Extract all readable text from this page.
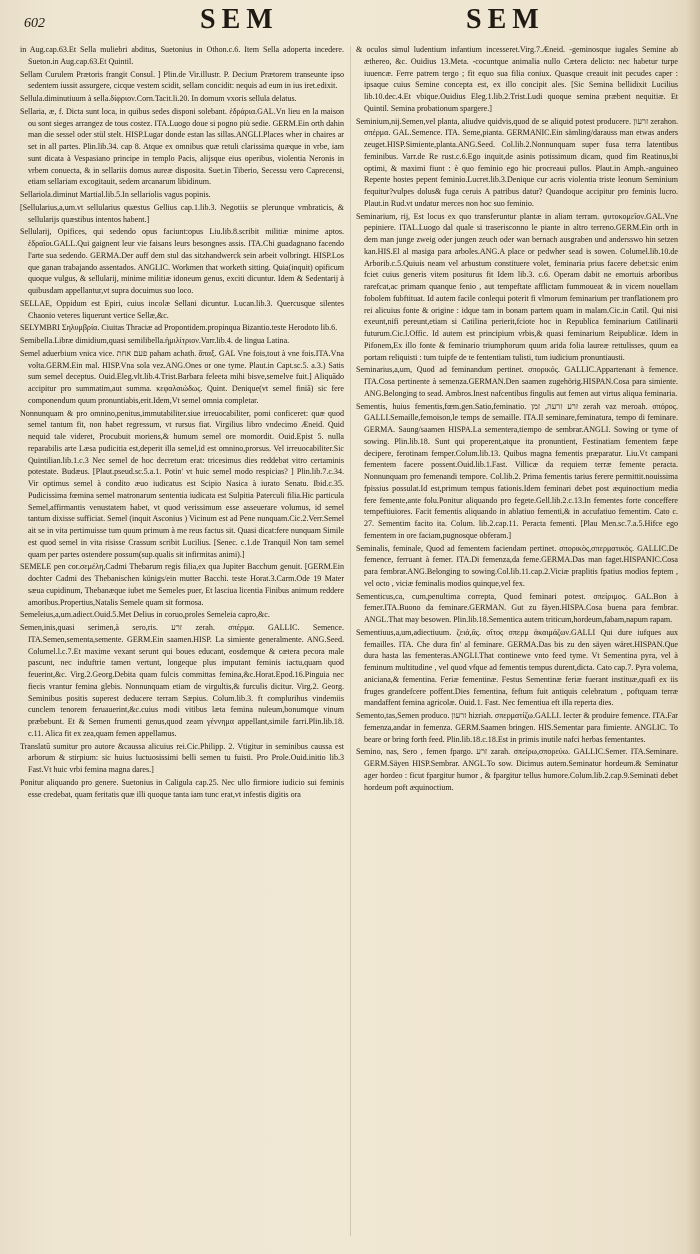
602	SEM	SEM

in Aug.cap.63.Et Sella muliebri abditus, Suetonius in Othon.c.6. Item Sella adoperta incedere. Sueton.in Aug.cap.63.Et Quintil.

Sellam Curulem Prætoris frangit Consul. ] Plin.de Vir.illustr. P. Decium Prætorem transeunte ipso sedentem iussit assurgere, cicque vestem scidit, sellam concidit: nequis ad eum in ius iret.edixit.

Sellula.diminutiuum à sella.δίφριον.Corn.Tacit.li.20. In domum vxoris sellula delatus.

Sellaria, æ, f. Dicta sunt loca, in quibus sedes disponi solebant. ἑδράρια.GAL.Vn lieu en la maison ou sont sieges arrangez de tous costez. ITA.Luogo doue si pogno più sedie. GERM.Ein orth dahin man die sessel oder stül stelt. HISP.Lugar donde estan las sillas.ANGLI.Places wher in chaires ar set in all partes. Plin.lib.34. cap 8. Atque ex omnibus quæ retuli clarissima quæque in vrbe, iam sunt dicata à Vespasiano principe in templo Pacis, alijsque eius operibus, violentia Neronis in vrbem conuecta, & in sellariis domus aureæ disposita. Suet.in Tiberio, Secessu vero Caprecensi, etiam sellariam excogitauit, sedem arcanarum libidinum.

Sellariola.diminut Martial.lib.5.In sellariolis vagus popinis.

[Sellularius,a,um.vt sellularius quæstus Gellius cap.1.lib.3. Negotiis se plerunque vmbraticis, & sellularijs quæstibus intentos habent.]

Sellularij, Opifices, qui sedendo opus faciunt:opus Liu.lib.8.scribit militiæ minime aptos. ἑδραῖοι.GALL.Qui gaignent leur vie faisans leurs besongnes assis. ITA.Chi guadagnano facendo l'arte sua sedendo. GERMA.Der auff dem stul das sitzhandwerck sein arbeit volbringt. HISP.Los que ganan trabajando assentados. ANGLIC. Workmen that worketh sitting. Quia(inquit) opificum quoque vulgus, & sellularij, minime militiæ idoneum genus, exciti dicuntur. Idem & Sedentarij à quibusdam appellantur,vt supra docuimus suo loco.

SELLAE, Oppidum est Epiri, cuius incolæ Sellani dicuntur. Lucan.lib.3. Quercusque silentes Chaonio veteres liquerunt vertice Sellæ,&c.

SELYMBRI Σηλυμβρία. Ciuitas Thraciæ ad Propontidem.propinqua Bizantio.teste Herodoto lib.6.

Semibella.Libræ dimidium,quasi semilibella.ἡμιλίτριον.Varr.lib.4. de lingua Latina.

Semel aduerbium vnica vice. פעם אחת paham achath. ἅπαξ. GAL Vne fois,tout à vne fois.ITA.Vna volta.GERM.Ein mal. HISP.Vna sola vez.ANG.Ones or one tyme. Plaut.in Capt.sc.5. a.3.) Satis sum semel deceptus. Ouid.Eleg.vlt.lib.4.Trist.Barbara feleeta mihi bisve,semelve fuit.] Aliquādo accipitur pro summatim,aut summa. κεφαλαιώδως. Quint. Denique(vt semel finiā) sic fere componendum quum pronuntiabis,erit.Idem,Vt semel omnia completar.

Nonnunquam & pro omnino,penitus,immutabiliter.siue irreuocabiliter, pomi conficeret: quæ quod semel tantum fit, non habet regressum, vt rursus fiat. Virgilius libro vndecimo Æneid. Quid nequid tale videret, Procubuit moriens,& humum semel ore momordit. Ouid.Epist 5. nulla reparabilis arte Læsa pudicitia est,deperit illa semel,id est omnino,prorsus. Vel irreuocabiliter.Sic Quintilian.lib.1.c.3 Nec semel de hoc decretum erat: tricesimus dies reddebat vitro certaminis potestate. Budæus. [Plaut.pseud.sc.5.a.1. Potin' vt huic semel modo respicias? ] Plin.lib.7.c.34. Vir optimus semel à condito æuo iudicatus est Scipio Nasica à iurato Senatu. Ibid.c.35. Pudicissima fœmina semel matronarum sententia iudicata est Sulpitia Paterculi filia.Hic particula Semel,affirmantis venustatem habet, vt quod verissimum esse asseuerare volumus, id semel tantum dixisse sufficiat. Semel (inquit Asconius ) Vicinum est ad Pene nunquam.Cic.2.Verr.Semel ait se in vita pertimuisse tum quum primum à me reus factus sit. Quasi dicat:fere nunquam Simile est quod semel in vita risisse Crassum scribit Lucilius. [Senec. c.1.de Tranquil Non tam semel quam per partes ostendere possum(sup.qualis sit infirmitas animi).]

SEMELE pen cor.σεμέλη,Cadmi Thebarum regis filia,ex qua Jupiter Bacchum genuit. [GERM.Ein dochter Cadmi des Thebanischen künigs/ein mutter Bacchi. teste Horat.3.Carm.Ode 19 Mater sæua cupidinum, Thebanæque iubet me Semeles puer, Et lasciua licentia Finibus animum reddere amoribus.Propertius,Natalis Semele quam sit formosa.

Semeleius,a,um.adiect.Ouid.5.Met Delius in coruo,proles Semeleia capro,&c.

Semen,inis,quasi serimen,à sero,ris. זרע zerah. σπέρμα. GALLIC. Semence. ITA.Semen,sementa,semente. GERM.Ein saamen.HISP. La simiente generalmente. ANG.Seed. Columel.l.c.7.Et maxime vexant serunt qui boues educant, eosdemque & cætera pecora male pascunt, nec induftrie tamen vertunt, longeque plus imputant feminis iactu,quam quod feuerint,&c. Virg.2.Georg.Debita quam fulcis committas femina,&c.Horat.Epod.16.Pinguia nec fiecis vrantur femina glebis. Nonnunquam etiam de virgultis,& furculis dicitur. Virg.2. Georg. Seminibus positis superest deducere terram Sæpius. Colum.lib.3. ft complurihus vindemiis cunclem tenorem feruauerint,&c.cuius modi vitibus læta femina nuleum,bonumque vinum præbebunt. Et & Semen frumenti genus,quod zeam γέννημα appellant,simile farri.Plin.lib.18. c.11. Alica fit ex zea,quam femen appellamus.

Translatū sumitur pro autore &caussa alicuius rei.Cic.Philipp. 2. Vtigitur in seminibus caussa est arborum & stirpium: sic huius luctuosissimi belli semen tu fuisti. Pro Prole.Ouid.initio lib.3 Fast.Vt huic vrbi femina magna dares.]

Ponitur aliquando pro genere. Suetonius in Caligula cap.25. Nec ullo firmiore iudicio sui feminis esse credebat, quam feritatis quæ illi quoque tanta iam tunc erat,vt infestis digitis ora

& oculos simul ludentium infantium incesseret.Virg.7.Æneid. -geminosque iugales Semine ab æthereo, &c. Ouidius 13.Meta. -cocuntque animalia nullo Cætera delicto: nec habetur turpe iuuencæ. Ferre patrem tergo ; fit equo sua filia coniux. Quasque creauit init pecudes caper : ipsaque cuius Semine concepta est, ex illo concipit ales. [Sic Semina bellidixit Lucilius lib.10.dec.4.Et vbique.Ouidius Eleg.1.lib.2.Trist.Ludi quoque semina præbent nequitiæ. Et Quintil. Semina probationum spargere.]

Seminium,nij.Semen,vel planta, aliudve quidvis,quod de se aliquid potest producere. זרעון zerahon. σπέρμα. GAL.Semence. ITA. Seme,pianta. GERMANIC.Ein sämling/darauss man etwas anders zeuget.HISP.Simiente,planta.ANG.Seed. Col.lib.2.Nonnunquam super fusa terra latentibus feminibus. Varr.de Re rust.c.6.Ego inquit,de asinis potissimum dicam, quod fim Reatinus,bi optimi, & maximi fiunt : è quo feminio ego hic procreaui pullos. Plaut.in Amph.-anguineo Repente hostes pepent feminio.Lucret.lib.3.Denique cur acris violentia triste leonum Seminium fequitur?vulpes dolus& fuga ceruis A patribus datur? Quandoque accipitur pro feminis lucro. Plaut.in Rud.vt undatur merces non hoc suo feminio.

Seminarium, rij, Est locus ex quo transferuntur plantæ in aliam terram. φυτοκομεῖον.GAL.Vne pepiniere. ITAL.Luogo dal quale si traserisconno le piante in altro terreno.GERM.Ein orth in dem man junge zweig oder jungen zeuch oder wan bernach ausgraben und andersswo hin setzen kan.HIS.El al masiga para arboles.ANG.A place or pedwher sead is sowen. Columel.lib.10.de Arborib.c.5.Quiuis neam vel arbustum constituere volet, feminaria prius facere debet:sic enim fciet cuius generis vitem positurus fit Idem lib.3. c.6. Operam dabit ne emortuis arboribus rarefcat,ac primam quanque fenio , aut tempeftate afflictam fummoueat & in vicem nouellam fobolem fubftituat. Id autem facile conlequi poterit fi vlmorum feminarium per tranflationem pro rei alicuius fonte & origine : idque tam in bonam partem quam in malam.Cic.in Catil. Qui nisi exeunt,nifi pereunt,etiam si Catilina perierit,fciote hoc in Republica feminarium Catilinarii futurum.Cic.l.Offic. Id autem est principium vrbis,& quasi feminarium Reipublicæ. Idem in Pifonem,Ex illo fonte & feminario triumphorum quum arida folia laureæ rettulisses, quum ea portam reliquisti : tum tuipfe de te fententiam tulisti, tum iudicium pronuntiausti.

Seminarius,a,um, Quod ad feminandum pertinet. σπορικός. GALLIC.Appartenant à femence. ITA.Cosa pertinente à semenza.GERMAN.Den saamen zugehörig.HISPAN.Cosa para simiente. ANG.Belonging to sead. Ambros.Inest nafcentibus fingulis aut femen aut virtus aliqua feminaria.

Sementis, huius fementis,fœm.gen.Satio,feminatio. זרע זרעה, זמן zerah vaz meroah. σπόρος. GALLI.Semaille,femoison,le temps de semaille. ITA.Il seminare,feminatura, tempo di feminare. GERMA. Saung/saamen HISPA.La sementera,tiempo de sembrar.ANGLI. Sowing or tyme of sowing. Plin.lib.18. Sunt qui properent,atque ita pronuntient, Festinatiam fementem fæpe decipere, ferotinam femper.Colum.lib.13. Quibus magna fementis præparatur. Liu.Vt campani fementem facere possent.Ouid.lib.1.Fast. Villicæ da requiem terræ femente peracta. Nonnunquam pro femenandi tempore. Col.lib.2. Prima fementis tarius ferere permittit.nouissima fpissius possulat.Id est,primum tempus fationis.Idem feminari debet post æquinoctium media fere femente,ante folu.Ponitur aliquando pro fegete.Gell.lib.2.c.13.In fementes forte conceffere tempeftiuiores. Facit fementis aliquando in ablatiuo fementi,& in accufatiuo fementim. Cato c. 27. Sementim facito ita. Colum. lib.2.cap.11. Peracta fementi. [Plau Men.sc.7.a.5.Hifce ego fementem in ore faciam,pugnosque obferam.]

Seminalis, feminale, Quod ad fementem faciendam pertinet. σπορικὸς,σπερματικός. GALLIC.De femence, ferruant à femer. ITA.Di femenza,da feme.GERMA.Das man faget.HISPANIC.Cosa para fembrar.ANG.Belonging to sowing.Col.lib.11.cap.2.Viciæ praplitis fpatius modios feptem , vel octo , viciæ feminalis modios quinque,vel fex.

Sementicus,ca, cum,penultima correpta, Quod feminari potest. σπείριμος. GAL.Bon à femer.ITA.Buono da feminare.GERMAN. Gut zu fäyen.HISPA.Cosa buena para fembrar. ANGL.That may besowen. Plin.lib.18.Sementica autem triticum,hordeum,fabam,napum rapam.

Sementiuus,a,um,adiectiuum. ζειά,ᾶς. σῖτος σπερμ ἀκαιμάζων.GALLI Qui dure iufques aux femailles. ITA. Che dura fin' al feminare. GERMA.Das bis zu den säyen wäret.HISPAN.Que dura hasta las fementeras.ANGLI.That continewe vnto feed tyme. Vt Sementina pyra, vel à feminum multitudine , vel quod vfque ad fementis tempus durent,dicta. Cato cap.7. Pyra volema, aniciana,& fementina. Feriæ fementinæ. Festus Sementinæ feriæ fuerant instituæ,quafi ex iis fruges grandefcere poffent.Dies fementina, feftum fuit antiquis celebratum , poftquam terræ mandaffent femina agricolæ. Ouid.1. Fast. Nec fementiua eft illa reperta dies.

Semento,tas,Semen produco. זרעון hizriah. σπερματίζω.GALLI. Iecter & produire femence. ITA.Far femenza,andar in femenza. GERM.Saamen bringen. HIS.Sementar para fimiente. ANGLIC. To beare or bring forth feed. Plin.lib.18.c.18.Est in primis inutile nafci herbas fementantes.

Semino, nas, Sero , femen fpargo. זרע zarah. σπείρω,σπορεύω. GALLIC.Semer. ITA.Seminare. GERM.Säyen HISP.Sembrar. ANGL.To sow. Dicimus autem.Seminatur hordeum.& Seminatur ager hordeo : ficut fpargitur humor , & fpargitur tellus humore.Colum.lib.2.cap.9.Seminati debet hordeum poft æquinoctium.
